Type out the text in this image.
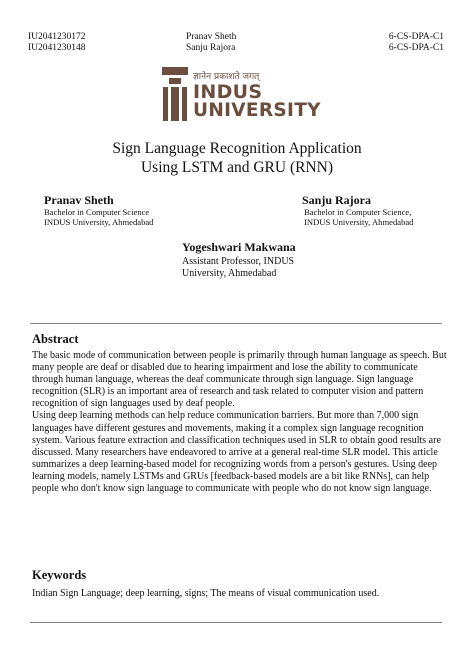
IU2041230172
IU2041230148
Pranav Sheth
Sanju Rajora
6-CS-DPA-C1
6-CS-DPA-C1
ज्ञानेन प्रकाशते जगत्
INDUS
UNIVERSITY
Sign Language Recognition Application
Using LSTM and GRU (RNN)
Pranav Sheth
Bachelor in Computer Science
INDUS University, Ahmedabad
Sanju Rajora
Bachelor in Computer Science,
INDUS University, Ahmedabad
Yogeshwari Makwana
Assistant Professor, INDUS
University, Ahmedabad
Abstract

The basic mode of communication between people is primarily through human language as speech. But many people are deaf or disabled due to hearing impairment and lose the ability to communicate through human language, whereas the deaf communicate through sign language. Sign language recognition (SLR) is an important area of research and task related to computer vision and pattern recognition of sign languages used by deaf people.

Using deep learning methods can help reduce communication barriers. But more than 7,000 sign languages have different gestures and movements, making it a complex sign language recognition system. Various feature extraction and classification techniques used in SLR to obtain good results are discussed. Many researchers have endeavored to arrive at a general real-time SLR model. This article summarizes a deep learning-based model for recognizing words from a person's gestures. Using deep learning models, namely LSTMs and GRUs [feedback-based models are a bit like RNNs], can help people who don't know sign language to communicate with people who do not know sign language.

Keywords
Indian Sign Language; deep learning, signs; The means of visual communication used.
